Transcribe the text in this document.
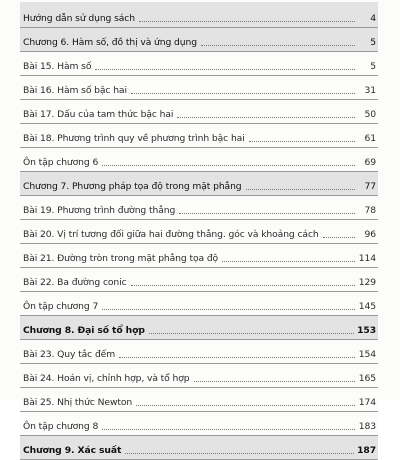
Hướng dẫn sử dụng sách	4
Chương 6. Hàm số, đồ thị và ứng dụng	5
Bài 15. Hàm số	5
Bài 16. Hàm số bậc hai	31
Bài 17. Dấu của tam thức bậc hai	50
Bài 18. Phương trình quy về phương trình bậc hai	61
Ôn tập chương 6	69
Chương 7. Phương pháp tọa độ trong mặt phẳng	77
Bài 19. Phương trình đường thẳng	78
Bài 20. Vị trí tương đối giữa hai đường thẳng. góc và khoảng cách	96
Bài 21. Đường tròn trong mặt phẳng tọa độ	114
Bài 22. Ba đường conic	129
Ôn tập chương 7	145
Chương 8. Đại số tổ hợp	153
Bài 23. Quy tắc đếm	154
Bài 24. Hoán vị, chỉnh hợp, và tổ hợp	165
Bài 25. Nhị thức Newton	174
Ôn tập chương 8	183
Chương 9. Xác suất	187
